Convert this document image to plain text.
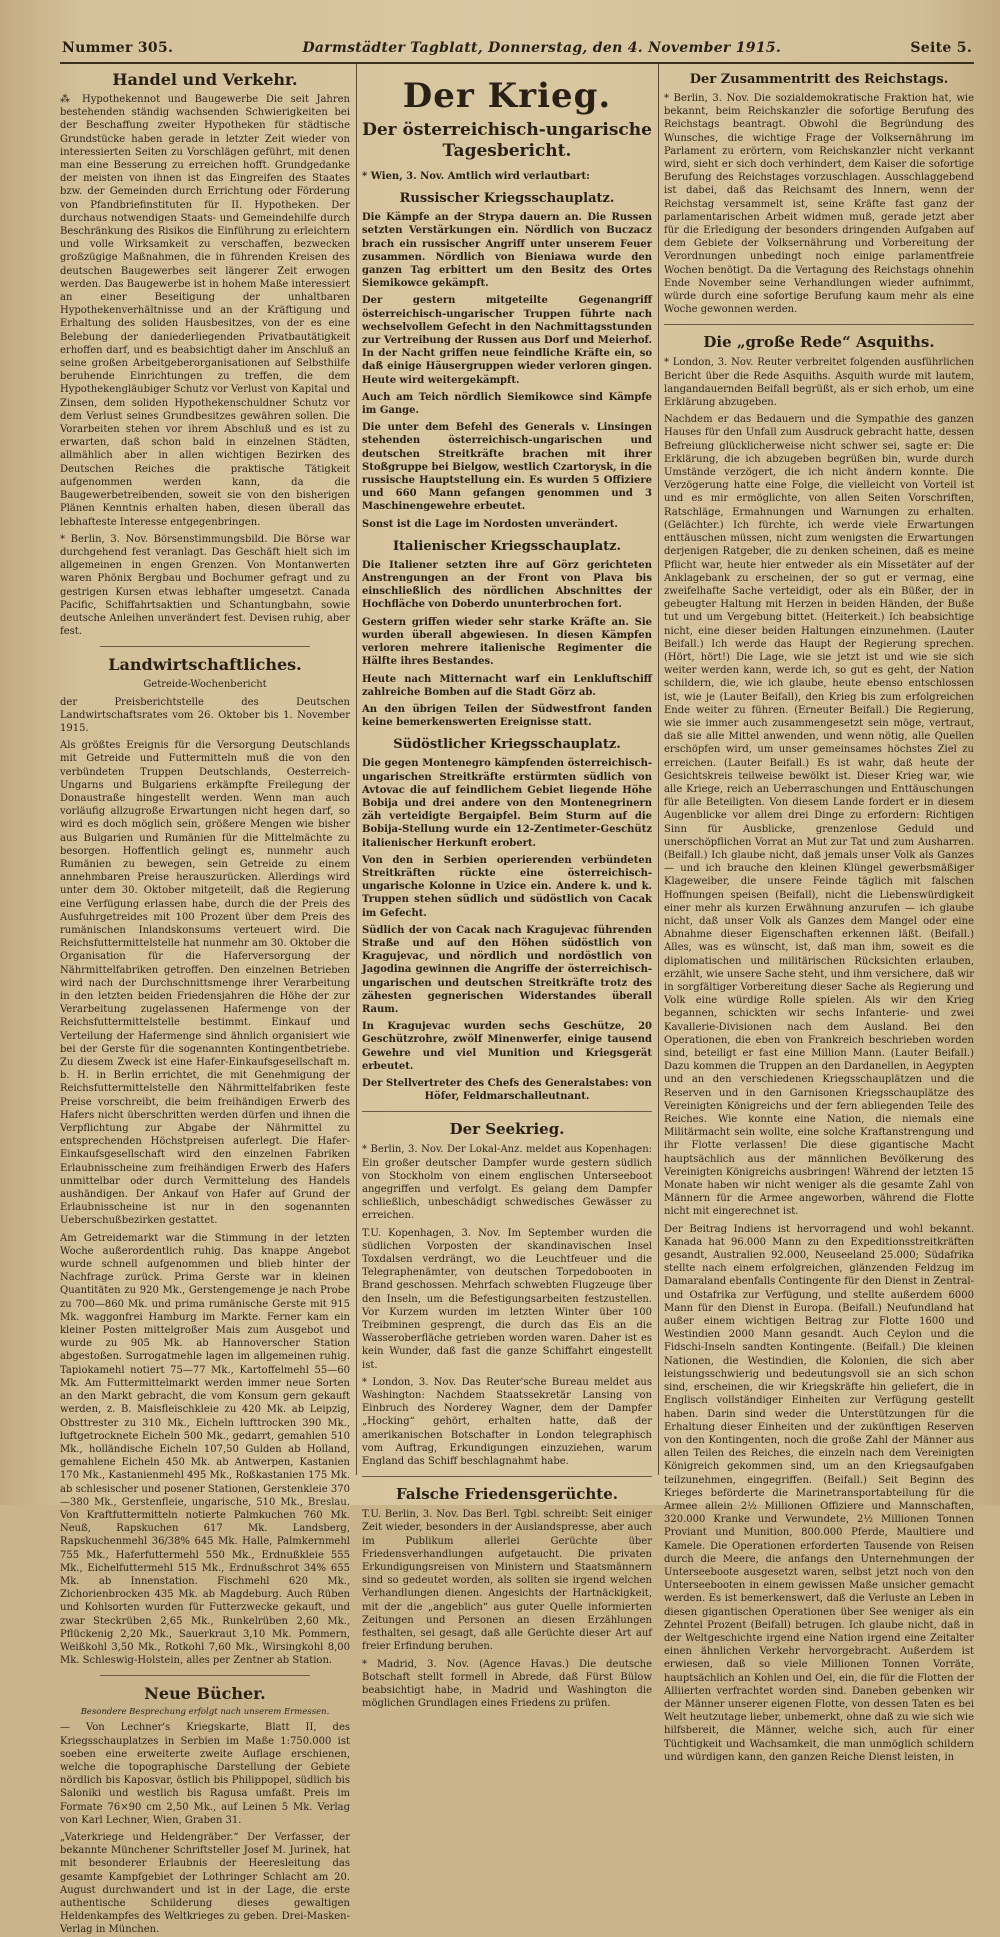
Nummer 305.	Darmstädter Tagblatt, Donnerstag, den 4. November 1915.	Seite 5.
Handel und Verkehr.

⁂ Hypothekennot und Baugewerbe Die seit Jahren bestehenden ständig wachsenden Schwierigkeiten bei der Beschaffung zweiter Hypotheken für städtische Grundstücke haben gerade in letzter Zeit wieder von interessierten Seiten zu Vorschlägen geführt, mit denen man eine Besserung zu erreichen hofft. Grundgedanke der meisten von ihnen ist das Eingreifen des Staates bzw. der Gemeinden durch Errichtung oder Förderung von Pfandbriefinstituten für II. Hypotheken. Der durchaus notwendigen Staats- und Gemeindehilfe durch Beschränkung des Risikos die Einführung zu erleichtern und volle Wirksamkeit zu verschaffen, bezwecken großzügige Maßnahmen, die in führenden Kreisen des deutschen Baugewerbes seit längerer Zeit erwogen werden. Das Baugewerbe ist in hohem Maße interessiert an einer Beseitigung der unhaltbaren Hypothekenverhältnisse und an der Kräftigung und Erhaltung des soliden Hausbesitzes, von der es eine Belebung der daniederliegenden Privatbautätigkeit erhoffen darf, und es beabsichtigt daher im Anschluß an seine großen Arbeitgeberorganisationen auf Selbsthilfe beruhende Einrichtungen zu treffen, die dem Hypothekengläubiger Schutz vor Verlust von Kapital und Zinsen, dem soliden Hypothekenschuldner Schutz vor dem Verlust seines Grundbesitzes gewähren sollen. Die Vorarbeiten stehen vor ihrem Abschluß und es ist zu erwarten, daß schon bald in einzelnen Städten, allmählich aber in allen wichtigen Bezirken des Deutschen Reiches die praktische Tätigkeit aufgenommen werden kann, da die Baugewerbetreibenden, soweit sie von den bisherigen Plänen Kenntnis erhalten haben, diesen überall das lebhafteste Interesse entgegenbringen.

* Berlin, 3. Nov. Börsenstimmungsbild. Die Börse war durchgehend fest veranlagt. Das Geschäft hielt sich im allgemeinen in engen Grenzen. Von Montanwerten waren Phönix Bergbau und Bochumer gefragt und zu gestrigen Kursen etwas lebhafter umgesetzt. Canada Pacific, Schiffahrtsaktien und Schantungbahn, sowie deutsche Anleihen unverändert fest. Devisen ruhig, aber fest.

Landwirtschaftliches.

Getreide-Wochenbericht

der Preisberichtstelle des Deutschen Landwirtschaftsrates vom 26. Oktober bis 1. November 1915.

Als größtes Ereignis für die Versorgung Deutschlands mit Getreide und Futtermitteln muß die von den verbündeten Truppen Deutschlands, Oesterreich-Ungarns und Bulgariens erkämpfte Freilegung der Donaustraße hingestellt werden. Wenn man auch vorläufig allzugroße Erwartungen nicht hegen darf, so wird es doch möglich sein, größere Mengen wie bisher aus Bulgarien und Rumänien für die Mittelmächte zu besorgen. Hoffentlich gelingt es, nunmehr auch Rumänien zu bewegen, sein Getreide zu einem annehmbaren Preise herauszurücken. Allerdings wird unter dem 30. Oktober mitgeteilt, daß die Regierung eine Verfügung erlassen habe, durch die der Preis des Ausfuhrgetreides mit 100 Prozent über dem Preis des rumänischen Inlandskonsums verteuert wird. Die Reichsfuttermittelstelle hat nunmehr am 30. Oktober die Organisation für die Haferversorgung der Nährmittelfabriken getroffen. Den einzelnen Betrieben wird nach der Durchschnittsmenge ihrer Verarbeitung in den letzten beiden Friedensjahren die Höhe der zur Verarbeitung zugelassenen Hafermenge von der Reichsfuttermittelstelle bestimmt. Einkauf und Verteilung der Hafermenge sind ähnlich organisiert wie bei der Gerste für die sogenannten Kontingentbetriebe. Zu diesem Zweck ist eine Hafer-Einkaufsgesellschaft m. b. H. in Berlin errichtet, die mit Genehmigung der Reichsfuttermittelstelle den Nährmittelfabriken feste Preise vorschreibt, die beim freihändigen Erwerb des Hafers nicht überschritten werden dürfen und ihnen die Verpflichtung zur Abgabe der Nährmittel zu entsprechenden Höchstpreisen auferlegt. Die Hafer-Einkaufsgesellschaft wird den einzelnen Fabriken Erlaubnisscheine zum freihändigen Erwerb des Hafers unmittelbar oder durch Vermittelung des Handels aushändigen. Der Ankauf von Hafer auf Grund der Erlaubnisscheine ist nur in den sogenannten Ueberschußbezirken gestattet.

Am Getreidemarkt war die Stimmung in der letzten Woche außerordentlich ruhig. Das knappe Angebot wurde schnell aufgenommen und blieb hinter der Nachfrage zurück. Prima Gerste war in kleinen Quantitäten zu 920 Mk., Gerstengemenge je nach Probe zu 700—860 Mk. und prima rumänische Gerste mit 915 Mk. waggonfrei Hamburg im Markte. Ferner kam ein kleiner Posten mittelgroßer Mais zum Ausgebot und wurde zu 905 Mk. ab Hannoverscher Station abgestoßen. Surrogatmehle lagen im allgemeinen ruhig. Tapiokamehl notiert 75—77 Mk., Kartoffelmehl 55—60 Mk. Am Futtermittelmarkt werden immer neue Sorten an den Markt gebracht, die vom Konsum gern gekauft werden, z. B. Maisfleischkleie zu 420 Mk. ab Leipzig, Obsttrester zu 310 Mk., Eicheln lufttrocken 390 Mk., luftgetrocknete Eicheln 500 Mk., gedarrt, gemahlen 510 Mk., holländische Eicheln 107,50 Gulden ab Holland, gemahlene Eicheln 450 Mk. ab Antwerpen, Kastanien 170 Mk., Kastanienmehl 495 Mk., Roßkastanien 175 Mk. ab schlesischer und posener Stationen, Gerstenkleie 370—380 Mk., Gerstenfleie, ungarische, 510 Mk., Breslau. Von Kraftfuttermitteln notierte Palmkuchen 760 Mk. Neuß, Rapskuchen 617 Mk. Landsberg, Rapskuchenmehl 36/38% 645 Mk. Halle, Palmkernmehl 755 Mk., Haferfuttermehl 550 Mk., Erdnußkleie 555 Mk., Eichelfuttermehl 515 Mk., Erdnußschrot 34% 655 Mk. ab Innenstation. Fischmehl 620 Mk., Zichorienbrocken 435 Mk. ab Magdeburg. Auch Rüben und Kohlsorten wurden für Futterzwecke gekauft, und zwar Steckrüben 2,65 Mk., Runkelrüben 2,60 Mk., Pflückenig 2,20 Mk., Sauerkraut 3,10 Mk. Pommern, Weißkohl 3,50 Mk., Rotkohl 7,60 Mk., Wirsingkohl 8,00 Mk. Schleswig-Holstein, alles per Zentner ab Station.

Neue Bücher.
Besondere Besprechung erfolgt nach unserem Ermessen.

— Von Lechner's Kriegskarte, Blatt II, des Kriegsschauplatzes in Serbien im Maße 1:750.000 ist soeben eine erweiterte zweite Auflage erschienen, welche die topographische Darstellung der Gebiete nördlich bis Kaposvar, östlich bis Philippopel, südlich bis Saloniki und westlich bis Ragusa umfaßt. Preis im Formate 76×90 cm 2,50 Mk., auf Leinen 5 Mk. Verlag von Karl Lechner, Wien, Graben 31.

„Vaterkriege und Heldengräber.“ Der Verfasser, der bekannte Münchener Schriftsteller Josef M. Jurinek, hat mit besonderer Erlaubnis der Heeresleitung das gesamte Kampfgebiet der Lothringer Schlacht am 20. August durchwandert und ist in der Lage, die erste authentische Schilderung dieses gewaltigen Heldenkampfes des Weltkrieges zu geben. Drei-Masken-Verlag in München.

Der Krieg.
Der österreichisch-ungarische Tagesbericht.

* Wien, 3. Nov. Amtlich wird verlautbart:

Russischer Kriegsschauplatz.

Die Kämpfe an der Strypa dauern an. Die Russen setzten Verstärkungen ein. Nördlich von Buczacz brach ein russischer Angriff unter unserem Feuer zusammen. Nördlich von Bieniawa wurde den ganzen Tag erbittert um den Besitz des Ortes Siemikowce gekämpft.

Der gestern mitgeteilte Gegenangriff österreichisch-ungarischer Truppen führte nach wechselvollem Gefecht in den Nachmittagsstunden zur Vertreibung der Russen aus Dorf und Meierhof. In der Nacht griffen neue feindliche Kräfte ein, so daß einige Häusergruppen wieder verloren gingen. Heute wird weitergekämpft.

Auch am Teich nördlich Siemikowce sind Kämpfe im Gange.

Die unter dem Befehl des Generals v. Linsingen stehenden österreichisch-ungarischen und deutschen Streitkräfte brachen mit ihrer Stoßgruppe bei Bielgow, westlich Czartorysk, in die russische Hauptstellung ein. Es wurden 5 Offiziere und 660 Mann gefangen genommen und 3 Maschinengewehre erbeutet.

Sonst ist die Lage im Nordosten unverändert.

Italienischer Kriegsschauplatz.

Die Italiener setzten ihre auf Görz gerichteten Anstrengungen an der Front von Plava bis einschließlich des nördlichen Abschnittes der Hochfläche von Doberdo ununterbrochen fort.

Gestern griffen wieder sehr starke Kräfte an. Sie wurden überall abgewiesen. In diesen Kämpfen verloren mehrere italienische Regimenter die Hälfte ihres Bestandes.

Heute nach Mitternacht warf ein Lenkluftschiff zahlreiche Bomben auf die Stadt Görz ab.

An den übrigen Teilen der Südwestfront fanden keine bemerkenswerten Ereignisse statt.

Südöstlicher Kriegsschauplatz.

Die gegen Montenegro kämpfenden österreichisch-ungarischen Streitkräfte erstürmten südlich von Avtovac die auf feindlichem Gebiet liegende Höhe Bobija und drei andere von den Montenegrinern zäh verteidigte Bergaipfel. Beim Sturm auf die Bobija-Stellung wurde ein 12-Zentimeter-Geschütz italienischer Herkunft erobert.

Von den in Serbien operierenden verbündeten Streitkräften rückte eine österreichisch-ungarische Kolonne in Uzice ein. Andere k. und k. Truppen stehen südlich und südöstlich von Cacak im Gefecht.

Südlich der von Cacak nach Kragujevac führenden Straße und auf den Höhen südöstlich von Kragujevac, und nördlich und nordöstlich von Jagodina gewinnen die Angriffe der österreichisch-ungarischen und deutschen Streitkräfte trotz des zähesten gegnerischen Widerstandes überall Raum.

In Kragujevac wurden sechs Geschütze, 20 Geschützrohre, zwölf Minenwerfer, einige tausend Gewehre und viel Munition und Kriegsgerät erbeutet.

Der Stellvertreter des Chefs des Generalstabes: von Höfer, Feldmarschalleutnant.

Der Seekrieg.

* Berlin, 3. Nov. Der Lokal-Anz. meldet aus Kopenhagen: Ein großer deutscher Dampfer wurde gestern südlich von Stockholm von einem englischen Unterseeboot angegriffen und verfolgt. Es gelang dem Dampfer schließlich, unbeschädigt schwedisches Gewässer zu erreichen.

T.U. Kopenhagen, 3. Nov. Im September wurden die südlichen Vorposten der skandinavischen Insel Toxdalsen verdrängt, wo die Leuchtfeuer und die Telegraphenämter, von deutschen Torpedobooten in Brand geschossen. Mehrfach schwebten Flugzeuge über den Inseln, um die Befestigungsarbeiten festzustellen. Vor Kurzem wurden im letzten Winter über 100 Treibminen gesprengt, die durch das Eis an die Wasseroberfläche getrieben worden waren. Daher ist es kein Wunder, daß fast die ganze Schiffahrt eingestellt ist.

* London, 3. Nov. Das Reuter'sche Bureau meldet aus Washington: Nachdem Staatssekretär Lansing von Einbruch des Norderey Wagner, dem der Dampfer „Hocking“ gehört, erhalten hatte, daß der amerikanischen Botschafter in London telegraphisch vom Auftrag, Erkundigungen einzuziehen, warum England das Schiff beschlagnahmt habe.

Falsche Friedensgerüchte.

T.U. Berlin, 3. Nov. Das Berl. Tgbl. schreibt: Seit einiger Zeit wieder, besonders in der Auslandspresse, aber auch im Publikum allerlei Gerüchte über Friedensverhandlungen aufgetaucht. Die privaten Erkundigungsreisen von Ministern und Staatsmännern sind so gedeutet worden, als sollten sie irgend welchen Verhandlungen dienen. Angesichts der Hartnäckigkeit, mit der die „angeblich“ aus guter Quelle informierten Zeitungen und Personen an diesen Erzählungen festhalten, sei gesagt, daß alle Gerüchte dieser Art auf freier Erfindung beruhen.

* Madrid, 3. Nov. (Agence Havas.) Die deutsche Botschaft stellt formell in Abrede, daß Fürst Bülow beabsichtigt habe, in Madrid und Washington die möglichen Grundlagen eines Friedens zu prüfen.

Der Zusammentritt des Reichstags.

* Berlin, 3. Nov. Die sozialdemokratische Fraktion hat, wie bekannt, beim Reichskanzler die sofortige Berufung des Reichstags beantragt. Obwohl die Begründung des Wunsches, die wichtige Frage der Volksernährung im Parlament zu erörtern, vom Reichskanzler nicht verkannt wird, sieht er sich doch verhindert, dem Kaiser die sofortige Berufung des Reichstages vorzuschlagen. Ausschlaggebend ist dabei, daß das Reichsamt des Innern, wenn der Reichstag versammelt ist, seine Kräfte fast ganz der parlamentarischen Arbeit widmen muß, gerade jetzt aber für die Erledigung der besonders dringenden Aufgaben auf dem Gebiete der Volksernährung und Vorbereitung der Verordnungen unbedingt noch einige parlamentfreie Wochen benötigt. Da die Vertagung des Reichstags ohnehin Ende November seine Verhandlungen wieder aufnimmt, würde durch eine sofortige Berufung kaum mehr als eine Woche gewonnen werden.

Die „große Rede“ Asquiths.

* London, 3. Nov. Reuter verbreitet folgenden ausführlichen Bericht über die Rede Asquiths. Asquith wurde mit lautem, langandauernden Beifall begrüßt, als er sich erhob, um eine Erklärung abzugeben.

Nachdem er das Bedauern und die Sympathie des ganzen Hauses für den Unfall zum Ausdruck gebracht hatte, dessen Befreiung glücklicherweise nicht schwer sei, sagte er: Die Erklärung, die ich abzugeben begrüßen bin, wurde durch Umstände verzögert, die ich nicht ändern konnte. Die Verzögerung hatte eine Folge, die vielleicht von Vorteil ist und es mir ermöglichte, von allen Seiten Vorschriften, Ratschläge, Ermahnungen und Warnungen zu erhalten. (Gelächter.) Ich fürchte, ich werde viele Erwartungen enttäuschen müssen, nicht zum wenigsten die Erwartungen derjenigen Ratgeber, die zu denken scheinen, daß es meine Pflicht war, heute hier entweder als ein Missetäter auf der Anklagebank zu erscheinen, der so gut er vermag, eine zweifelhafte Sache verteidigt, oder als ein Büßer, der in gebeugter Haltung mit Herzen in beiden Händen, der Buße tut und um Vergebung bittet. (Heiterkeit.) Ich beabsichtige nicht, eine dieser beiden Haltungen einzunehmen. (Lauter Beifall.) Ich werde das Haupt der Regierung sprechen. (Hört, hört!) Die Lage, wie sie jetzt ist und wie sie sich weiter werden kann, werde ich, so gut es geht, der Nation schildern, die, wie ich glaube, heute ebenso entschlossen ist, wie je (Lauter Beifall), den Krieg bis zum erfolgreichen Ende weiter zu führen. (Erneuter Beifall.) Die Regierung, wie sie immer auch zusammengesetzt sein möge, vertraut, daß sie alle Mittel anwenden, und wenn nötig, alle Quellen erschöpfen wird, um unser gemeinsames höchstes Ziel zu erreichen. (Lauter Beifall.) Es ist wahr, daß heute der Gesichtskreis teilweise bewölkt ist. Dieser Krieg war, wie alle Kriege, reich an Ueberraschungen und Enttäuschungen für alle Beteiligten. Von diesem Lande fordert er in diesem Augenblicke vor allem drei Dinge zu erfordern: Richtigen Sinn für Ausblicke, grenzenlose Geduld und unerschöpflichen Vorrat an Mut zur Tat und zum Ausharren. (Beifall.) Ich glaube nicht, daß jemals unser Volk als Ganzes — und ich brauche den kleinen Klüngel gewerbsmäßiger Klageweiber, die unsere Feinde täglich mit falschen Hoffnungen speisen (Beifall), nicht die Liebenswürdigkeit einer mehr als kurzen Erwähnung anzurufen — ich glaube nicht, daß unser Volk als Ganzes dem Mangel oder eine Abnahme dieser Eigenschaften erkennen läßt. (Beifall.) Alles, was es wünscht, ist, daß man ihm, soweit es die diplomatischen und militärischen Rücksichten erlauben, erzählt, wie unsere Sache steht, und ihm versichere, daß wir in sorgfältiger Vorbereitung dieser Sache als Regierung und Volk eine würdige Rolle spielen. Als wir den Krieg begannen, schickten wir sechs Infanterie- und zwei Kavallerie-Divisionen nach dem Ausland. Bei den Operationen, die eben von Frankreich beschrieben worden sind, beteiligt er fast eine Million Mann. (Lauter Beifall.) Dazu kommen die Truppen an den Dardanellen, in Aegypten und an den verschiedenen Kriegsschauplätzen und die Reserven und in den Garnisonen Kriegsschauplätze des Vereinigten Königreichs und der fern abliegenden Teile des Reiches. Wie konnte eine Nation, die niemals eine Militärmacht sein wollte, eine solche Kraftanstrengung und ihr Flotte verlassen! Die diese gigantische Macht hauptsächlich aus der männlichen Bevölkerung des Vereinigten Königreichs ausbringen! Während der letzten 15 Monate haben wir nicht weniger als die gesamte Zahl von Männern für die Armee angeworben, während die Flotte nicht mit eingerechnet ist.

Der Beitrag Indiens ist hervorragend und wohl bekannt. Kanada hat 96.000 Mann zu den Expeditionsstreitkräften gesandt, Australien 92.000, Neuseeland 25.000; Südafrika stellte nach einem erfolgreichen, glänzenden Feldzug im Damaraland ebenfalls Contingente für den Dienst in Zentral- und Ostafrika zur Verfügung, und stellte außerdem 6000 Mann für den Dienst in Europa. (Beifall.) Neufundland hat außer einem wichtigen Beitrag zur Flotte 1600 und Westindien 2000 Mann gesandt. Auch Ceylon und die Fidschi-Inseln sandten Kontingente. (Beifall.) Die kleinen Nationen, die Westindien, die Kolonien, die sich aber leistungsschwierig und bedeutungsvoll sie an sich schon sind, erscheinen, die wir Kriegskräfte hin geliefert, die in Englisch vollständiger Einheiten zur Verfügung gestellt haben. Darin sind weder die Unterstützungen für die Erhaltung dieser Einheiten und der zukünftigen Reserven von den Kontingenten, noch die große Zahl der Männer aus allen Teilen des Reiches, die einzeln nach dem Vereinigten Königreich gekommen sind, um an den Kriegsaufgaben teilzunehmen, eingegriffen. (Beifall.) Seit Beginn des Krieges beförderte die Marinetransportabteilung für die Armee allein 2½ Millionen Offiziere und Mannschaften, 320.000 Kranke und Verwundete, 2½ Millionen Tonnen Proviant und Munition, 800.000 Pferde, Maultiere und Kamele. Die Operationen erforderten Tausende von Reisen durch die Meere, die anfangs den Unternehmungen der Unterseeboote ausgesetzt waren, selbst jetzt noch von den Unterseebooten in einem gewissen Maße unsicher gemacht werden. Es ist bemerkenswert, daß die Verluste an Leben in diesen gigantischen Operationen über See weniger als ein Zehntel Prozent (Beifall) betrugen. Ich glaube nicht, daß in der Weltgeschichte irgend eine Nation irgend eine Zeitalter einen ähnlichen Verkehr hervorgebracht. Außerdem ist erwiesen, daß so viele Millionen Tonnen Vorräte, hauptsächlich an Kohlen und Oel, ein, die für die Flotten der Alliierten verfrachtet worden sind. Daneben gebenken wir der Männer unserer eigenen Flotte, von dessen Taten es bei Welt heutzutage lieber, unbemerkt, ohne daß zu wie sich wie hilfsbereit, die Männer, welche sich, auch für einer Tüchtigkeit und Wachsamkeit, die man unmöglich schildern und würdigen kann, den ganzen Reiche Dienst leisten, in
